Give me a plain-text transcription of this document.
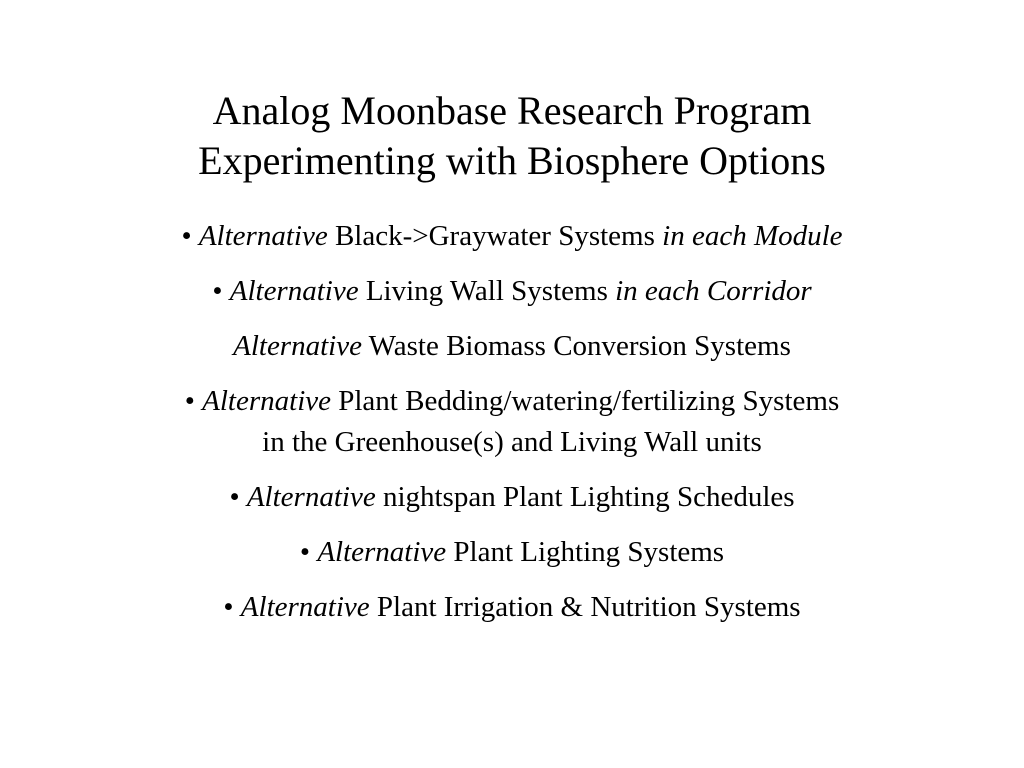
Analog Moonbase Research Program
Experimenting with Biosphere Options
• Alternative Black->Graywater Systems in each Module
• Alternative Living Wall Systems in each Corridor
Alternative Waste Biomass Conversion Systems
• Alternative Plant Bedding/watering/fertilizing Systems
in the Greenhouse(s) and Living Wall units
• Alternative nightspan Plant Lighting Schedules
• Alternative Plant Lighting Systems
• Alternative Plant Irrigation & Nutrition Systems
